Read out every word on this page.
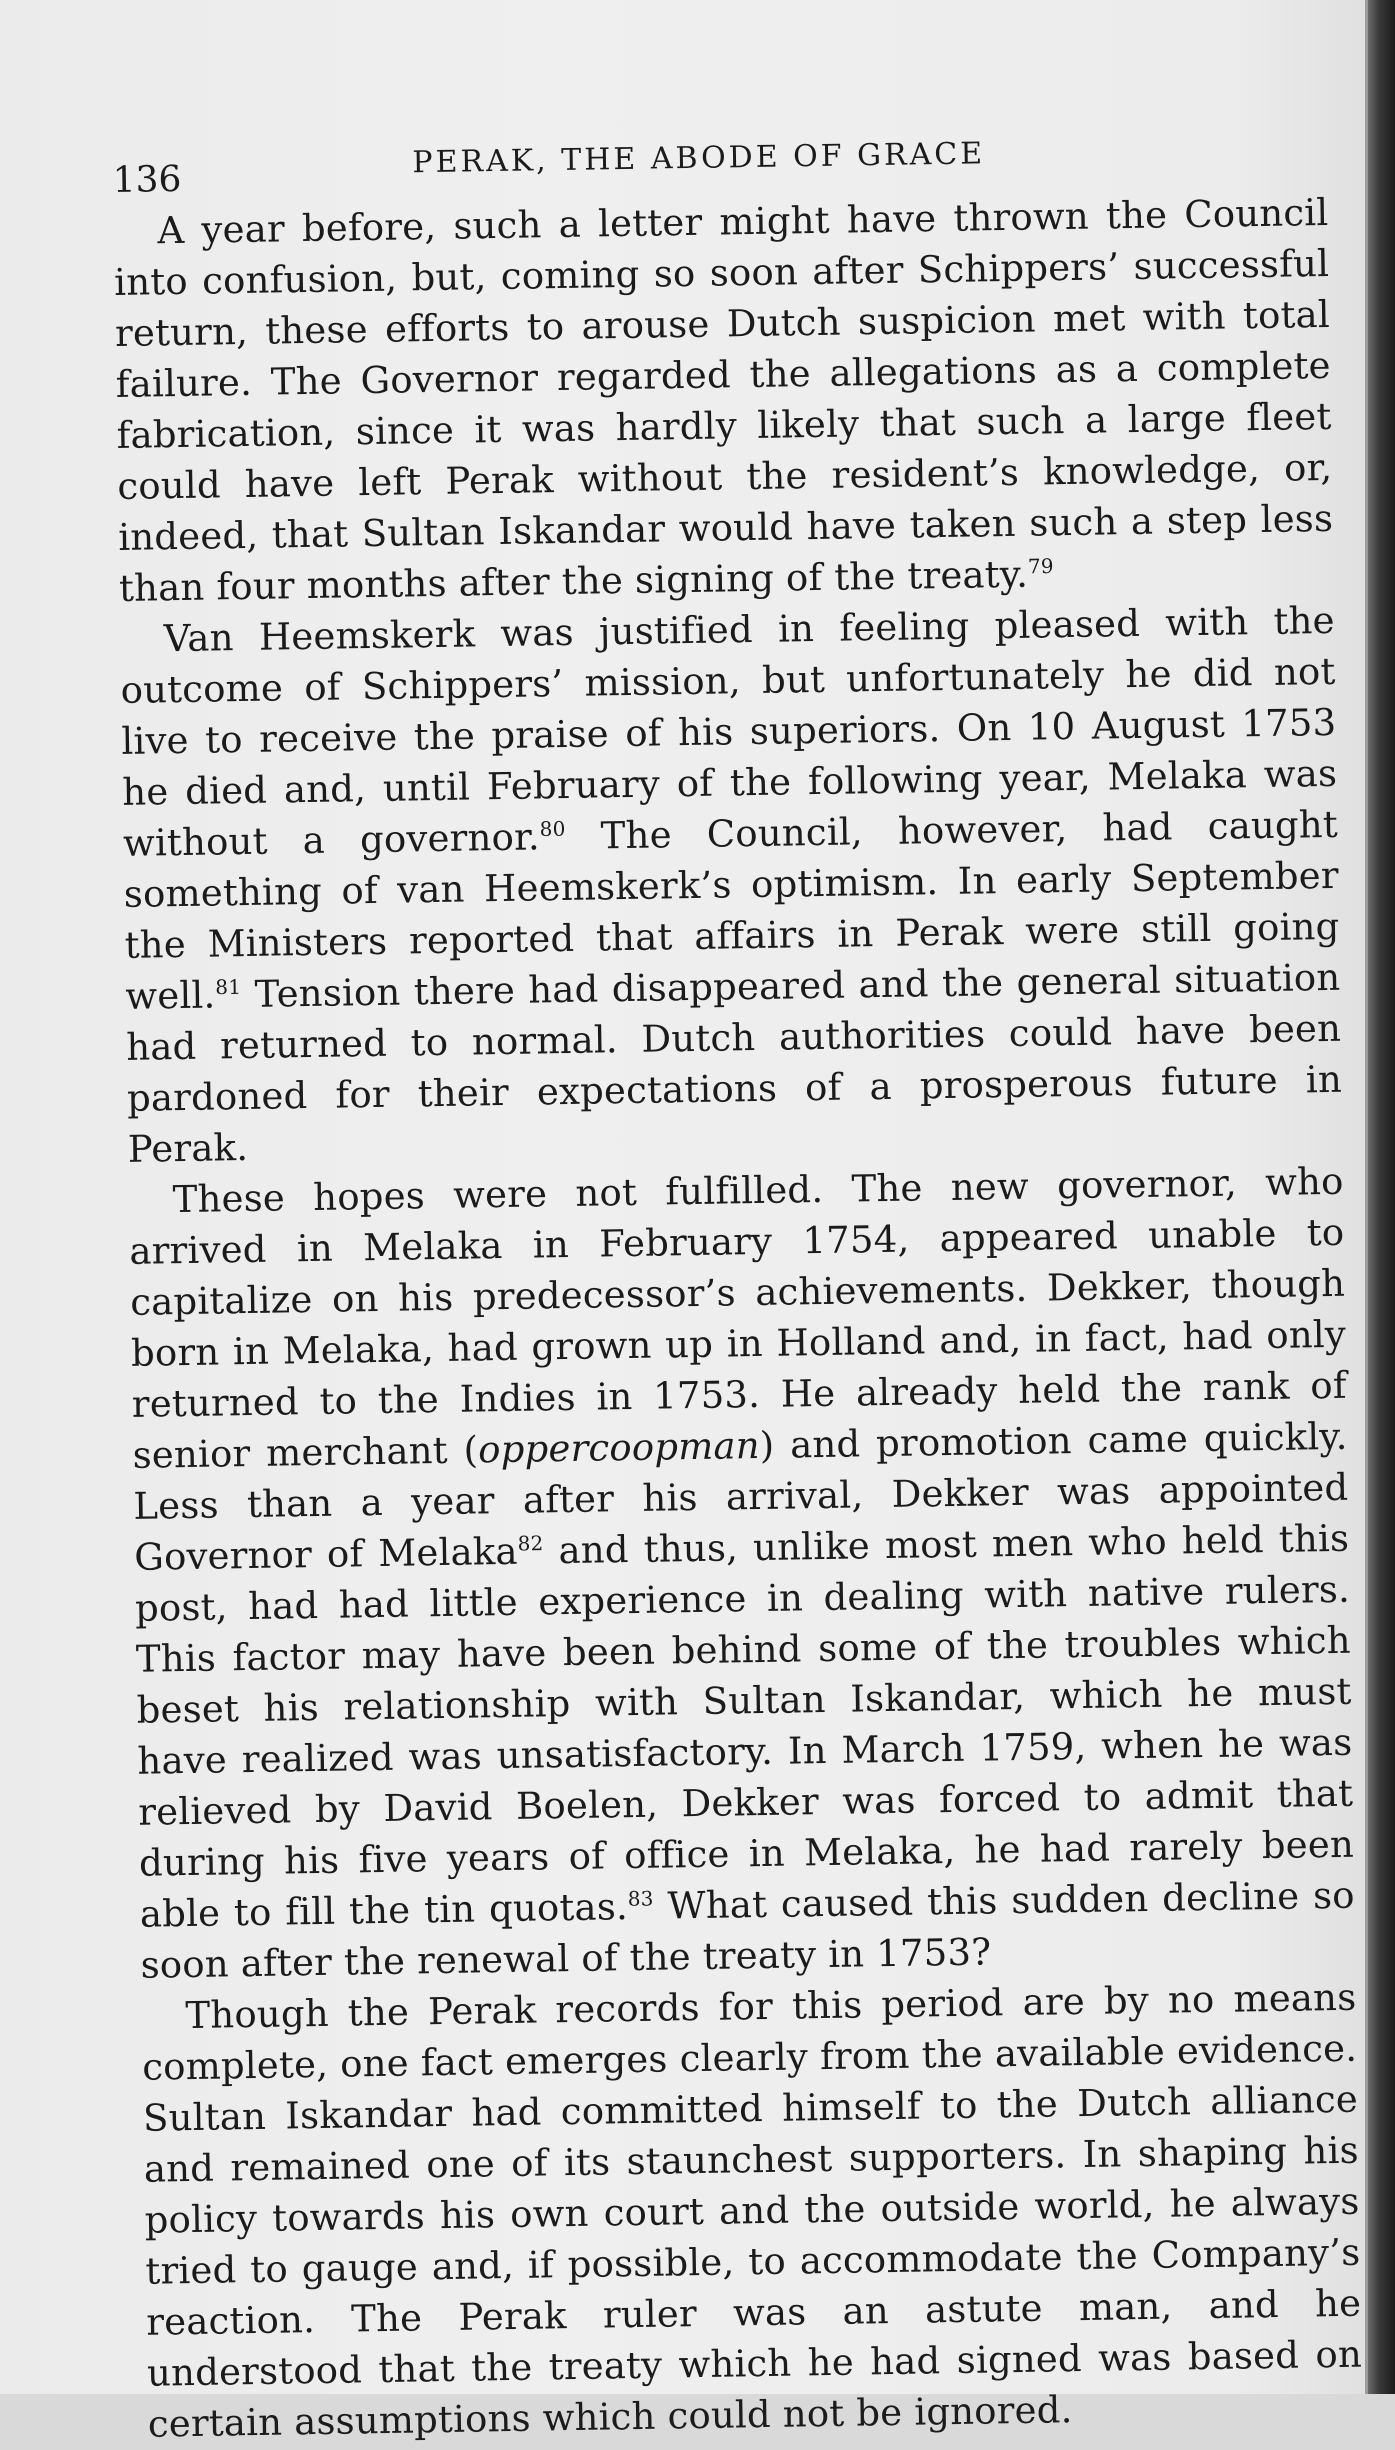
136	PERAK, THE ABODE OF GRACE

A year before, such a letter might have thrown the Council into confusion, but, coming so soon after Schippers’ successful return, these efforts to arouse Dutch suspicion met with total failure. The Governor regarded the allegations as a complete fabrication, since it was hardly likely that such a large fleet could have left Perak without the resident’s knowledge, or, indeed, that Sultan Iskandar would have taken such a step less than four months after the signing of the treaty.$^{79}$

Van Heemskerk was justified in feeling pleased with the outcome of Schippers’ mission, but unfortunately he did not live to receive the praise of his superiors. On 10 August 1753 he died and, until February of the following year, Melaka was without a governor.$^{80}$ The Council, however, had caught something of van Heemskerk’s optimism. In early September the Ministers reported that affairs in Perak were still going well.$^{81}$ Tension there had disappeared and the general situation had returned to normal. Dutch authorities could have been pardoned for their expectations of a prosperous future in Perak.

These hopes were not fulfilled. The new governor, who arrived in Melaka in February 1754, appeared unable to capitalize on his predecessor’s achievements. Dekker, though born in Melaka, had grown up in Holland and, in fact, had only returned to the Indies in 1753. He already held the rank of senior merchant (oppercoopman) and promotion came quickly. Less than a year after his arrival, Dekker was appointed Governor of Melaka$^{82}$ and thus, unlike most men who held this post, had had little experience in dealing with native rulers. This factor may have been behind some of the troubles which beset his relationship with Sultan Iskandar, which he must have realized was unsatisfactory. In March 1759, when he was relieved by David Boelen, Dekker was forced to admit that during his five years of office in Melaka, he had rarely been able to fill the tin quotas.$^{83}$ What caused this sudden decline so soon after the renewal of the treaty in 1753?

Though the Perak records for this period are by no means complete, one fact emerges clearly from the available evidence. Sultan Iskandar had committed himself to the Dutch alliance and remained one of its staunchest supporters. In shaping his policy towards his own court and the outside world, he always tried to gauge and, if possible, to accommodate the Company’s reaction. The Perak ruler was an astute man, and he understood that the treaty which he had signed was based on certain assumptions which could not be ignored.
